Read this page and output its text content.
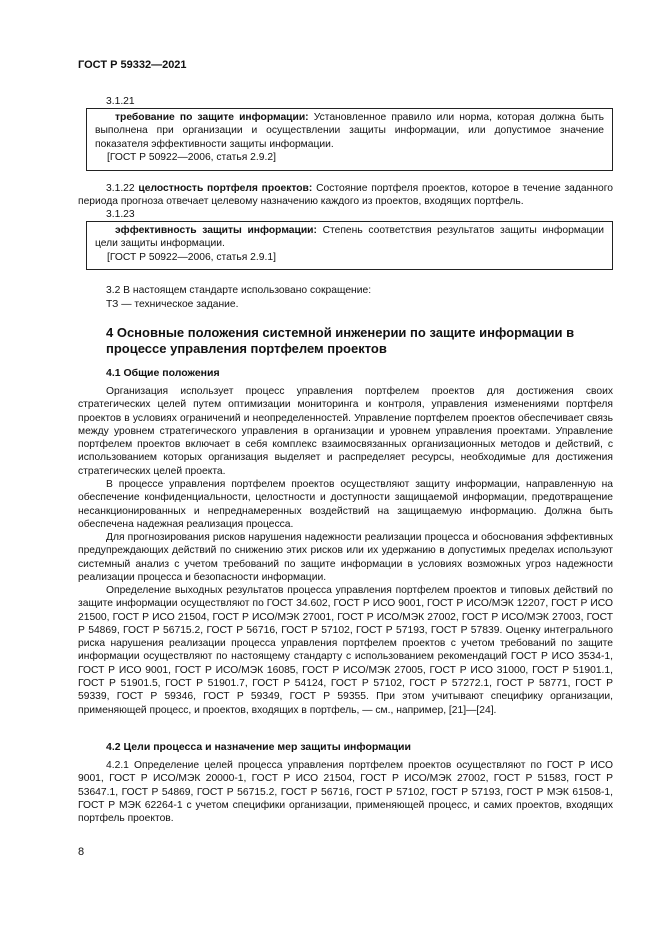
ГОСТ Р 59332—2021
3.1.21
требование по защите информации: Установленное правило или норма, которая должна быть выполнена при организации и осуществлении защиты информации, или допустимое значение показателя эффективности защиты информации.
[ГОСТ Р 50922—2006, статья 2.9.2]
3.1.22 целостность портфеля проектов: Состояние портфеля проектов, которое в течение заданного периода прогноза отвечает целевому назначению каждого из проектов, входящих портфель.
3.1.23
эффективность защиты информации: Степень соответствия результатов защиты информации цели защиты информации.
[ГОСТ Р 50922—2006, статья 2.9.1]
3.2 В настоящем стандарте использовано сокращение:
ТЗ — техническое задание.
4 Основные положения системной инженерии по защите информации в процессе управления портфелем проектов
4.1 Общие положения
Организация использует процесс управления портфелем проектов для достижения своих стратегических целей путем оптимизации мониторинга и контроля, управления изменениями портфеля проектов в условиях ограничений и неопределенностей. Управление портфелем проектов обеспечивает связь между уровнем стратегического управления в организации и уровнем управления проектами. Управление портфелем проектов включает в себя комплекс взаимосвязанных организационных методов и действий, с использованием которых организация выделяет и распределяет ресурсы, необходимые для достижения стратегических целей проекта.
В процессе управления портфелем проектов осуществляют защиту информации, направленную на обеспечение конфиденциальности, целостности и доступности защищаемой информации, предотвращение несанкционированных и непреднамеренных воздействий на защищаемую информацию. Должна быть обеспечена надежная реализация процесса.
Для прогнозирования рисков нарушения надежности реализации процесса и обоснования эффективных предупреждающих действий по снижению этих рисков или их удержанию в допустимых пределах используют системный анализ с учетом требований по защите информации в условиях возможных угроз надежности реализации процесса и безопасности информации.
Определение выходных результатов процесса управления портфелем проектов и типовых действий по защите информации осуществляют по ГОСТ 34.602, ГОСТ Р ИСО 9001, ГОСТ Р ИСО/МЭК 12207, ГОСТ Р ИСО 21500, ГОСТ Р ИСО 21504, ГОСТ Р ИСО/МЭК 27001, ГОСТ Р ИСО/МЭК 27002, ГОСТ Р ИСО/МЭК 27003, ГОСТ Р 54869, ГОСТ Р 56715.2, ГОСТ Р 56716, ГОСТ Р 57102, ГОСТ Р 57193, ГОСТ Р 57839. Оценку интегрального риска нарушения реализации процесса управления портфелем проектов с учетом требований по защите информации осуществляют по настоящему стандарту с использованием рекомендаций ГОСТ Р ИСО 3534-1, ГОСТ Р ИСО 9001, ГОСТ Р ИСО/МЭК 16085, ГОСТ Р ИСО/МЭК 27005, ГОСТ Р ИСО 31000, ГОСТ Р 51901.1, ГОСТ Р 51901.5, ГОСТ Р 51901.7, ГОСТ Р 54124, ГОСТ Р 57102, ГОСТ Р 57272.1, ГОСТ Р 58771, ГОСТ Р 59339, ГОСТ Р 59346, ГОСТ Р 59349, ГОСТ Р 59355. При этом учитывают специфику организации, применяющей процесс, и проектов, входящих в портфель, — см., например, [21]—[24].
4.2 Цели процесса и назначение мер защиты информации
4.2.1 Определение целей процесса управления портфелем проектов осуществляют по ГОСТ Р ИСО 9001, ГОСТ Р ИСО/МЭК 20000-1, ГОСТ Р ИСО 21504, ГОСТ Р ИСО/МЭК 27002, ГОСТ Р 51583, ГОСТ Р 53647.1, ГОСТ Р 54869, ГОСТ Р 56715.2, ГОСТ Р 56716, ГОСТ Р 57102, ГОСТ Р 57193, ГОСТ Р МЭК 61508-1, ГОСТ Р МЭК 62264-1 с учетом специфики организации, применяющей процесс, и самих проектов, входящих портфель проектов.
8
